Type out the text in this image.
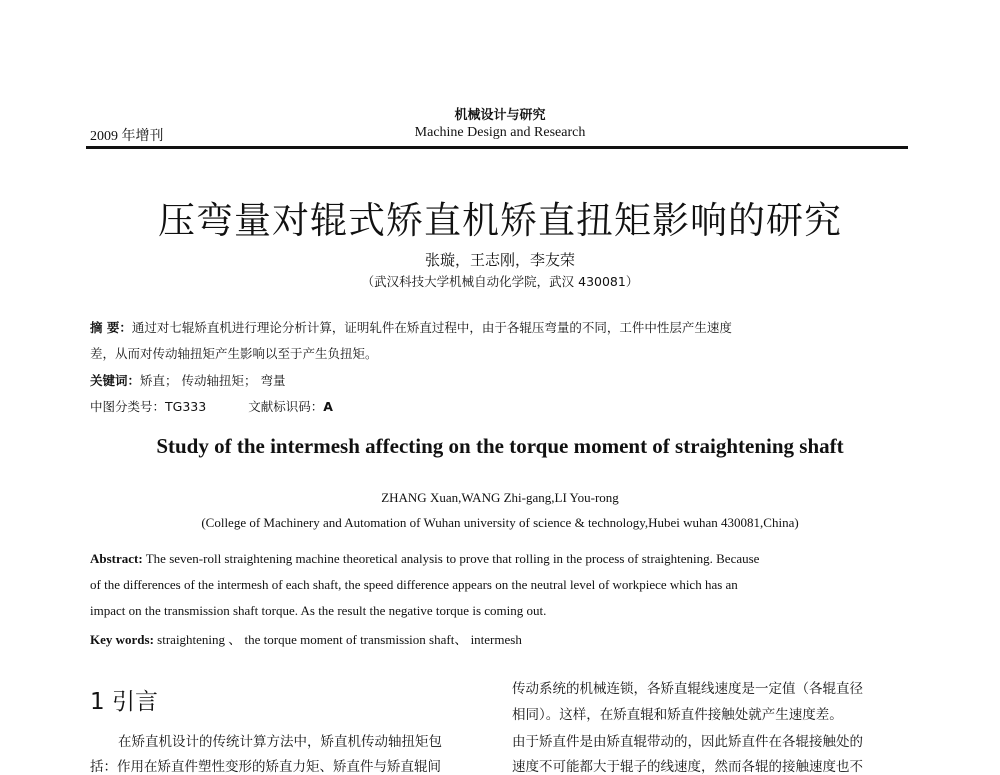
机械设计与研究
Machine Design and Research
2009 年增刊
压弯量对辊式矫直机矫直扭矩影响的研究
张璇，王志刚，李友荣
（武汉科技大学机械自动化学院，武汉 430081）
摘 要：通过对七辊矫直机进行理论分析计算，证明轧件在矫直过程中，由于各辊压弯量的不同，工件中性层产生速度
差，从而对传动轴扭矩产生影响以至于产生负扭矩。
关键词：矫直； 传动轴扭矩； 弯量
中图分类号：TG333	文献标识码：A
Study of the intermesh affecting on the torque moment of straightening shaft
ZHANG Xuan,WANG Zhi-gang,LI You-rong
(College of Machinery and Automation of Wuhan university of science & technology,Hubei wuhan 430081,China)
Abstract: The seven-roll straightening machine theoretical analysis to prove that rolling in the process of straightening. Because
of the differences of the intermesh of each shaft, the speed difference appears on the neutral level of workpiece which has an
impact on the transmission shaft torque. As the result the negative torque is coming out.
Key words: straightening 、 the torque moment of transmission shaft、 intermesh
1 引言
在矫直机设计的传统计算方法中，矫直机传动轴扭矩包
括：作用在矫直件塑性变形的矫直力矩、矫直件与矫直辊间
传动系统的机械连锁，各矫直辊线速度是一定值（各辊直径
相同）。这样，在矫直辊和矫直件接触处就产生速度差。
由于矫直件是由矫直辊带动的，因此矫直件在各辊接触处的
速度不可能都大于辊子的线速度，然而各辊的接触速度也不
